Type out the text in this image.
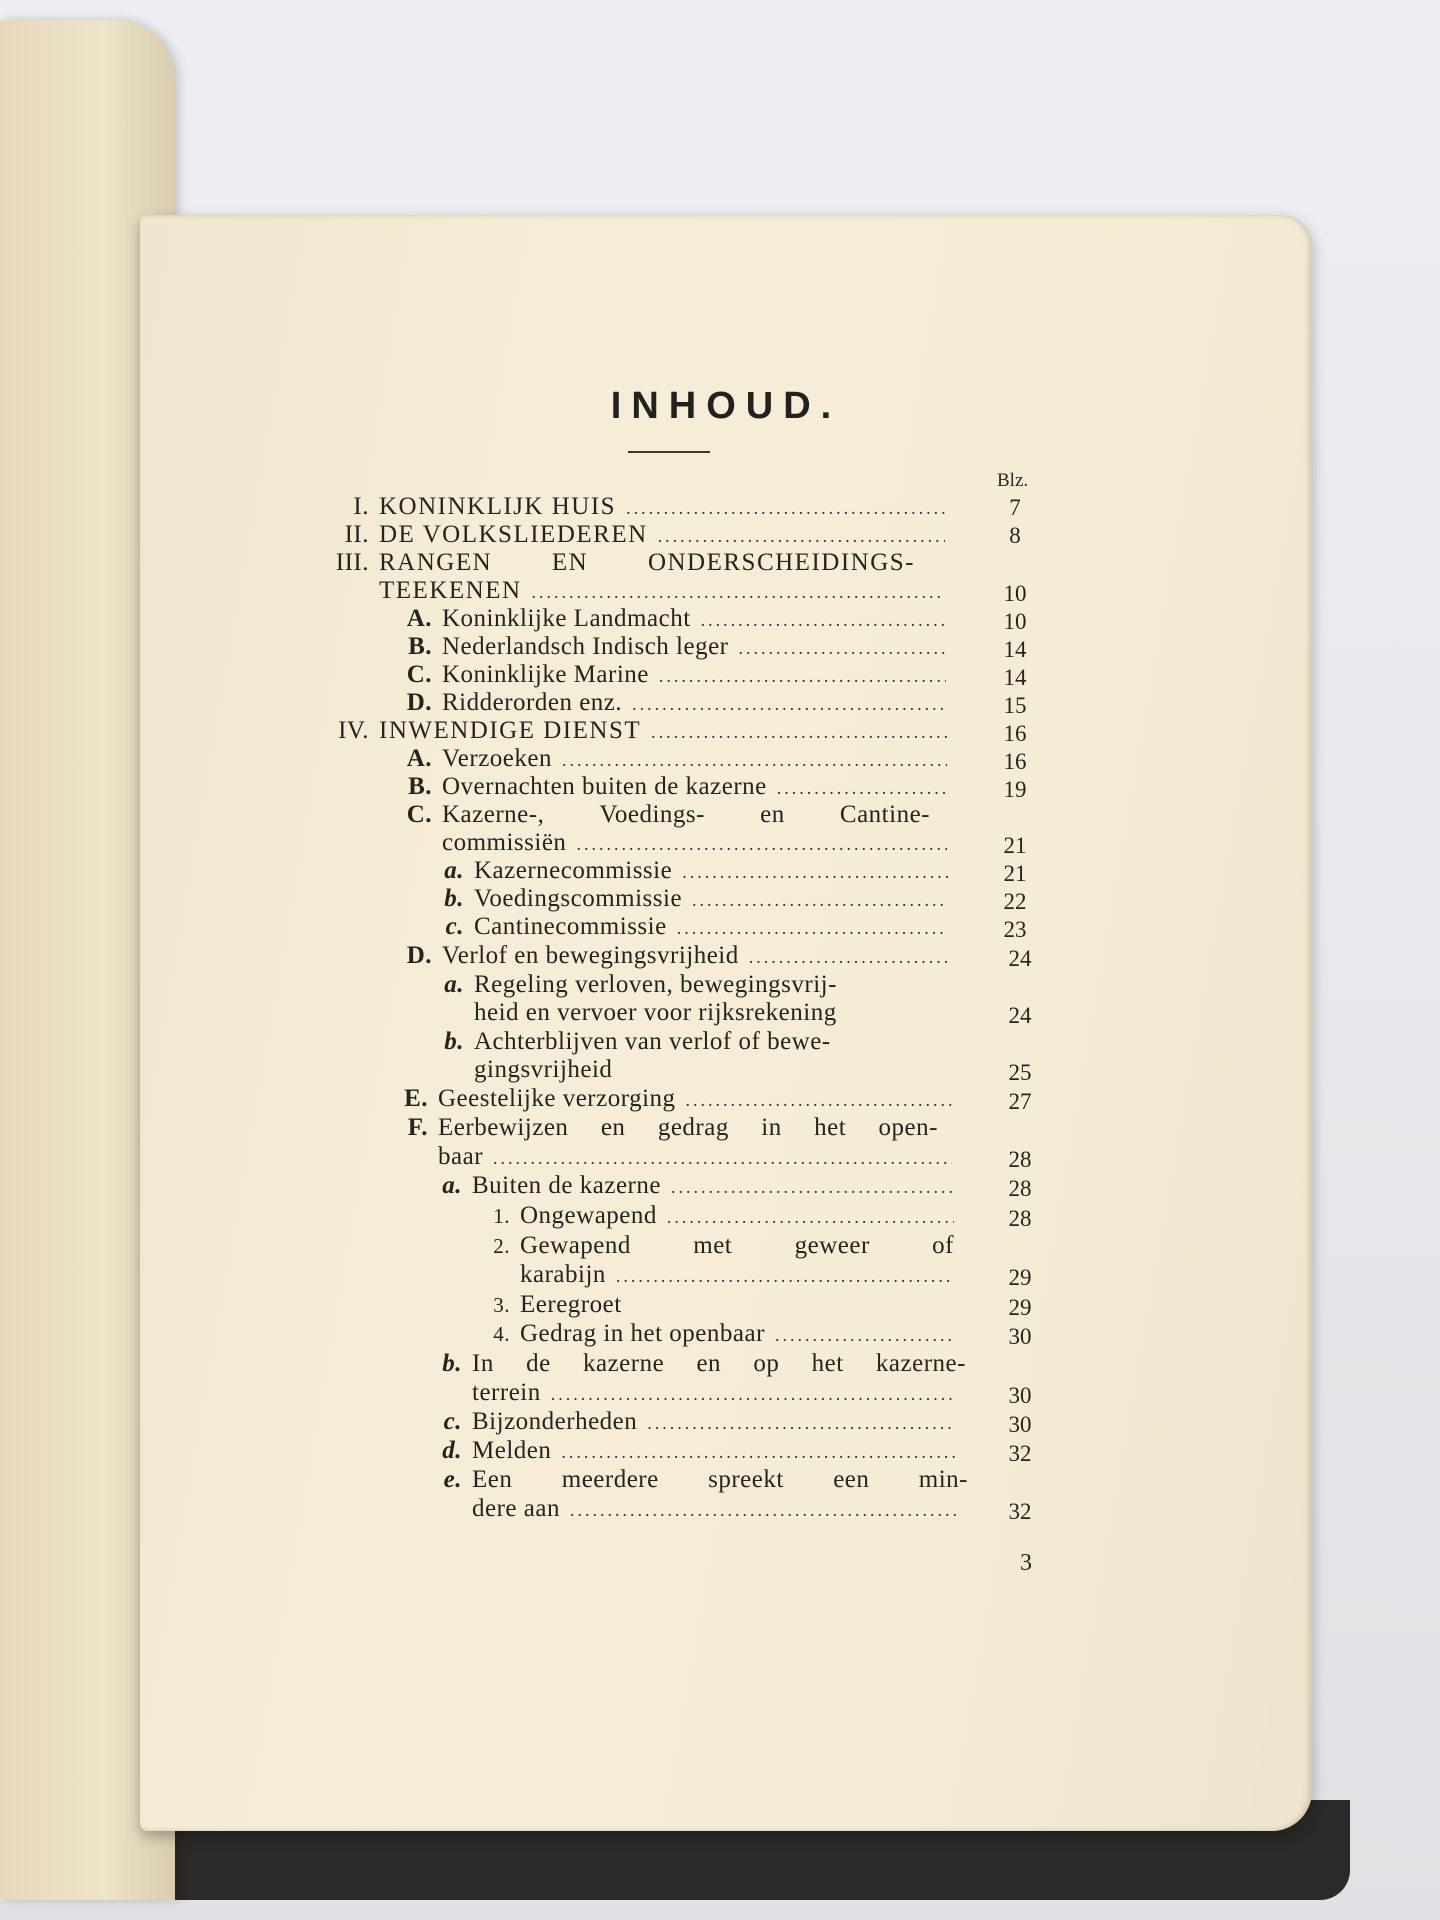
INHOUD.
Blz.
I. KONINKLIJK HUIS .....	7
II. DE VOLKSLIEDEREN .....	8
III. RANGEN EN ONDERSCHEIDINGS-
TEEKENEN .....	10
A. Koninklijke Landmacht .....	10
B. Nederlandsch Indisch leger .....	14
C. Koninklijke Marine .....	14
D. Ridderorden enz. .....	15
IV. INWENDIGE DIENST .....	16
A. Verzoeken .....	16
B. Overnachten buiten de kazerne .....	19
C. Kazerne-, Voedings- en Cantine-
commissiën .....	21
a. Kazernecommissie .....	21
b. Voedingscommissie .....	22
c. Cantinecommissie .....	23
D. Verlof en bewegingsvrijheid .....	24
a. Regeling verloven, bewegingsvrij-
heid en vervoer voor rijksrekening	24
b. Achterblijven van verlof of bewe-
gingsvrijheid	25
E. Geestelijke verzorging .....	27
F. Eerbewijzen en gedrag in het open-
baar .....	28
a. Buiten de kazerne .....	28
1. Ongewapend .....	28
2. Gewapend met geweer of
karabijn .....	29
3. Eeregroet	29
4. Gedrag in het openbaar .....	30
b. In de kazerne en op het kazerne-
terrein .....	30
c. Bijzonderheden .....	30
d. Melden .....	32
e. Een meerdere spreekt een min-
dere aan .....	32
3
